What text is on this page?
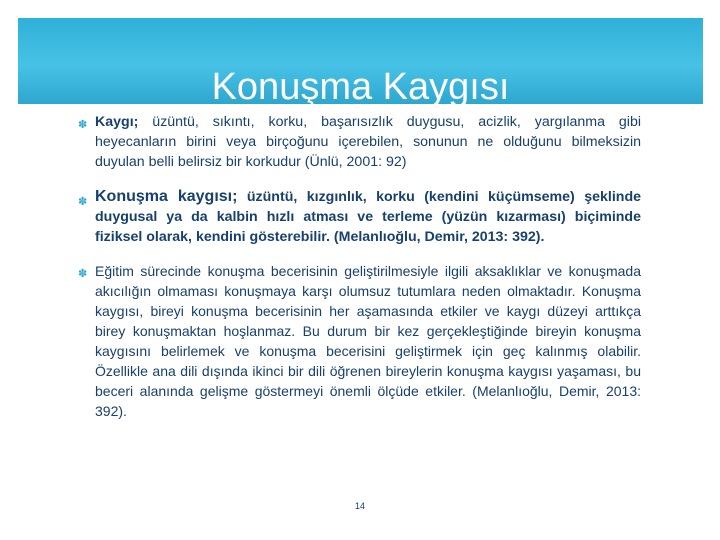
Konuşma Kaygısı

✽ Kaygı; üzüntü, sıkıntı, korku, başarısızlık duygusu, acizlik, yargılanma gibi heyecanların birini veya birçoğunu içerebilen, sonunun ne olduğunu bilmeksizin duyulan belli belirsiz bir korkudur (Ünlü, 2001: 92)

✽ Konuşma kaygısı; üzüntü, kızgınlık, korku (kendini küçümseme) şeklinde duygusal ya da kalbin hızlı atması ve terleme (yüzün kızarması) biçiminde fiziksel olarak, kendini gösterebilir. (Melanlıoğlu, Demir, 2013: 392).

✽ Eğitim sürecinde konuşma becerisinin geliştirilmesiyle ilgili aksaklıklar ve konuşmada akıcılığın olmaması konuşmaya karşı olumsuz tutumlara neden olmaktadır. Konuşma kaygısı, bireyi konuşma becerisinin her aşamasında etkiler ve kaygı düzeyi arttıkça birey konuşmaktan hoşlanmaz. Bu durum bir kez gerçekleştiğinde bireyin konuşma kaygısını belirlemek ve konuşma becerisini geliştirmek için geç kalınmış olabilir. Özellikle ana dili dışında ikinci bir dili öğrenen bireylerin konuşma kaygısı yaşaması, bu beceri alanında gelişme göstermeyi önemli ölçüde etkiler. (Melanlıoğlu, Demir, 2013: 392).

14
